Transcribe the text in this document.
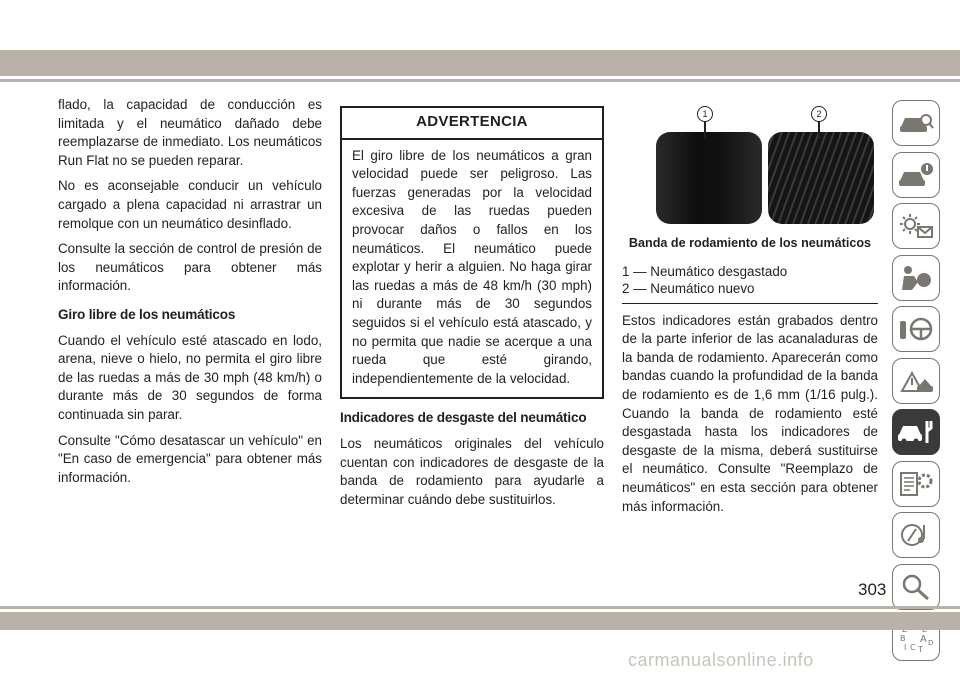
flado, la capacidad de conducción es limitada y el neumático dañado debe reemplazarse de inmediato. Los neumáticos Run Flat no se pueden reparar.

No es aconsejable conducir un vehículo cargado a plena capacidad ni arrastrar un remolque con un neumático desinflado.

Consulte la sección de control de presión de los neumáticos para obtener más información.

Giro libre de los neumáticos

Cuando el vehículo esté atascado en lodo, arena, nieve o hielo, no permita el giro libre de las ruedas a más de 30 mph (48 km/h) o durante más de 30 segundos de forma continuada sin parar.

Consulte "Cómo desatascar un vehículo" en "En caso de emergencia" para obtener más información.

ADVERTENCIA
El giro libre de los neumáticos a gran velocidad puede ser peligroso. Las fuerzas generadas por la velocidad excesiva de las ruedas pueden provocar daños o fallos en los neumáticos. El neumático puede explotar y herir a alguien. No haga girar las ruedas a más de 48 km/h (30 mph) ni durante más de 30 segundos seguidos si el vehículo está atascado, y no permita que nadie se acerque a una rueda que esté girando, independientemente de la velocidad.
Indicadores de desgaste del neumático

Los neumáticos originales del vehículo cuentan con indicadores de desgaste de la banda de rodamiento para ayudarle a determinar cuándo debe sustituirlos.

1	2
Banda de rodamiento de los neumáticos
1 — Neumático desgastado
2 — Neumático nuevo

Estos indicadores están grabados dentro de la parte inferior de las acanaladuras de la banda de rodamiento. Aparecerán como bandas cuando la profundidad de la banda de rodamiento es de 1,6 mm (1/16 pulg.). Cuando la banda de rodamiento esté desgastada hasta los indicadores de desgaste de la misma, deberá sustituirse el neumático. Consulte "Reemplazo de neumáticos" en esta sección para obtener más información.

B A
I C D
T
303
carmanualsonline.info
